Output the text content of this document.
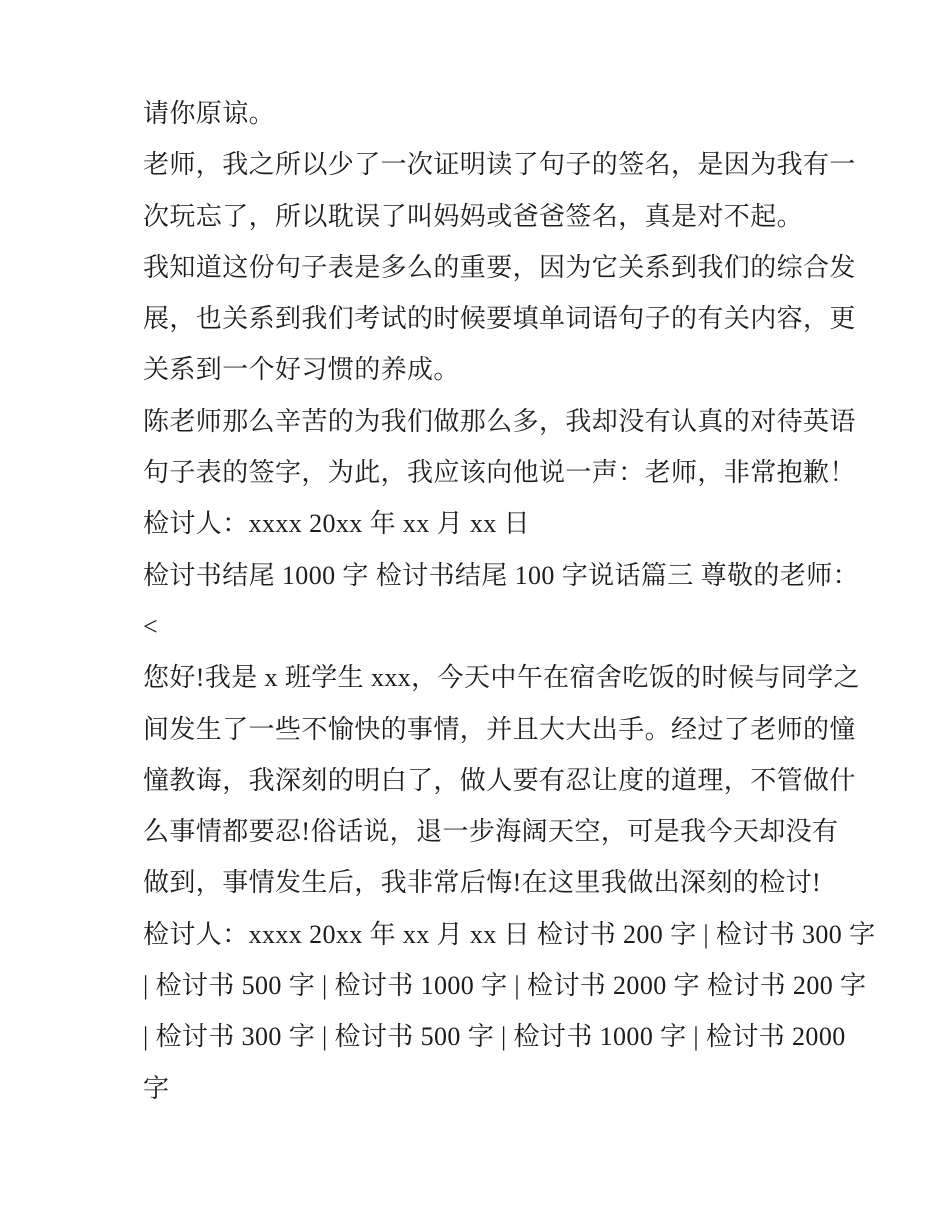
请你原谅。
老师，我之所以少了一次证明读了句子的签名，是因为我有一
次玩忘了，所以耽误了叫妈妈或爸爸签名，真是对不起。
我知道这份句子表是多么的重要，因为它关系到我们的综合发
展，也关系到我们考试的时候要填单词语句子的有关内容，更
关系到一个好习惯的养成。
陈老师那么辛苦的为我们做那么多，我却没有认真的对待英语
句子表的签字，为此，我应该向他说一声：老师，非常抱歉！
检讨人：xxxx 20xx 年 xx 月 xx 日
检讨书结尾 1000 字 检讨书结尾 100 字说话篇三 尊敬的老师：
<
您好!我是 x 班学生 xxx，今天中午在宿舍吃饭的时候与同学之
间发生了一些不愉快的事情，并且大大出手。经过了老师的憧
憧教诲，我深刻的明白了，做人要有忍让度的道理，不管做什
么事情都要忍!俗话说，退一步海阔天空，可是我今天却没有
做到，事情发生后，我非常后悔!在这里我做出深刻的检讨!
检讨人：xxxx 20xx 年 xx 月 xx 日 检讨书 200 字 | 检讨书 300 字
| 检讨书 500 字 | 检讨书 1000 字 | 检讨书 2000 字 检讨书 200 字
| 检讨书 300 字 | 检讨书 500 字 | 检讨书 1000 字 | 检讨书 2000
字
